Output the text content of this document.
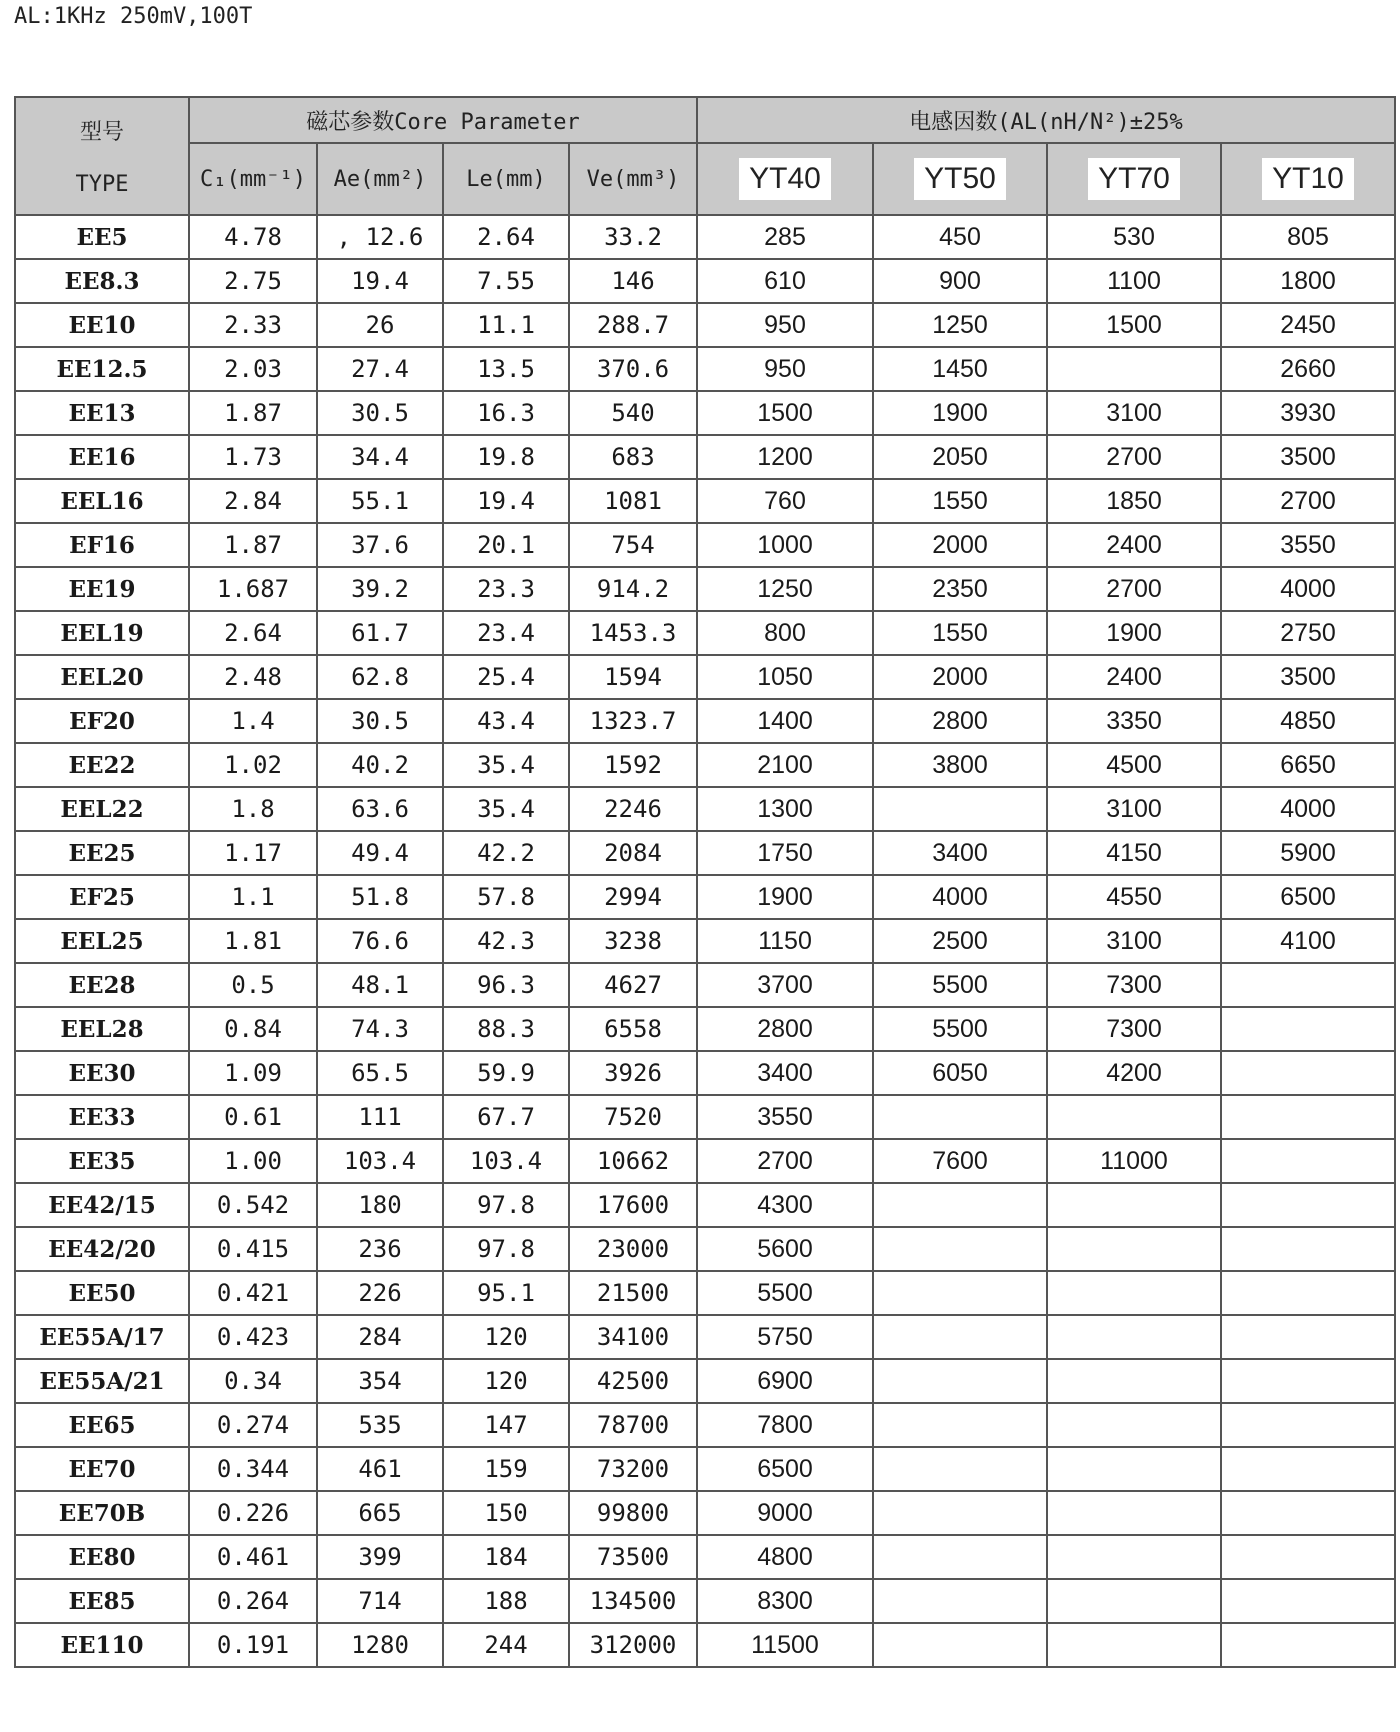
AL:1KHz 250mV,100T
型号
TYPE	磁芯参数Core Parameter				电感因数(AL(nH/N²)±25%			
	C₁(mm⁻¹)	Ae(mm²)	Le(mm)	Ve(mm³)	YT40	YT50	YT70	YT10
EE5	4.78	, 12.6	2.64	33.2	285	450	530	805
EE8.3	2.75	19.4	7.55	146	610	900	1100	1800
EE10	2.33	26	11.1	288.7	950	1250	1500	2450
EE12.5	2.03	27.4	13.5	370.6	950	1450		2660
EE13	1.87	30.5	16.3	540	1500	1900	3100	3930
EE16	1.73	34.4	19.8	683	1200	2050	2700	3500
EEL16	2.84	55.1	19.4	1081	760	1550	1850	2700
EF16	1.87	37.6	20.1	754	1000	2000	2400	3550
EE19	1.687	39.2	23.3	914.2	1250	2350	2700	4000
EEL19	2.64	61.7	23.4	1453.3	800	1550	1900	2750
EEL20	2.48	62.8	25.4	1594	1050	2000	2400	3500
EF20	1.4	30.5	43.4	1323.7	1400	2800	3350	4850
EE22	1.02	40.2	35.4	1592	2100	3800	4500	6650
EEL22	1.8	63.6	35.4	2246	1300		3100	4000
EE25	1.17	49.4	42.2	2084	1750	3400	4150	5900
EF25	1.1	51.8	57.8	2994	1900	4000	4550	6500
EEL25	1.81	76.6	42.3	3238	1150	2500	3100	4100
EE28	0.5	48.1	96.3	4627	3700	5500	7300	
EEL28	0.84	74.3	88.3	6558	2800	5500	7300	
EE30	1.09	65.5	59.9	3926	3400	6050	4200	
EE33	0.61	111	67.7	7520	3550			
EE35	1.00	103.4	103.4	10662	2700	7600	11000	
EE42/15	0.542	180	97.8	17600	4300			
EE42/20	0.415	236	97.8	23000	5600			
EE50	0.421	226	95.1	21500	5500			
EE55A/17	0.423	284	120	34100	5750			
EE55A/21	0.34	354	120	42500	6900			
EE65	0.274	535	147	78700	7800			
EE70	0.344	461	159	73200	6500			
EE70B	0.226	665	150	99800	9000			
EE80	0.461	399	184	73500	4800			
EE85	0.264	714	188	134500	8300			
EE110	0.191	1280	244	312000	11500			
